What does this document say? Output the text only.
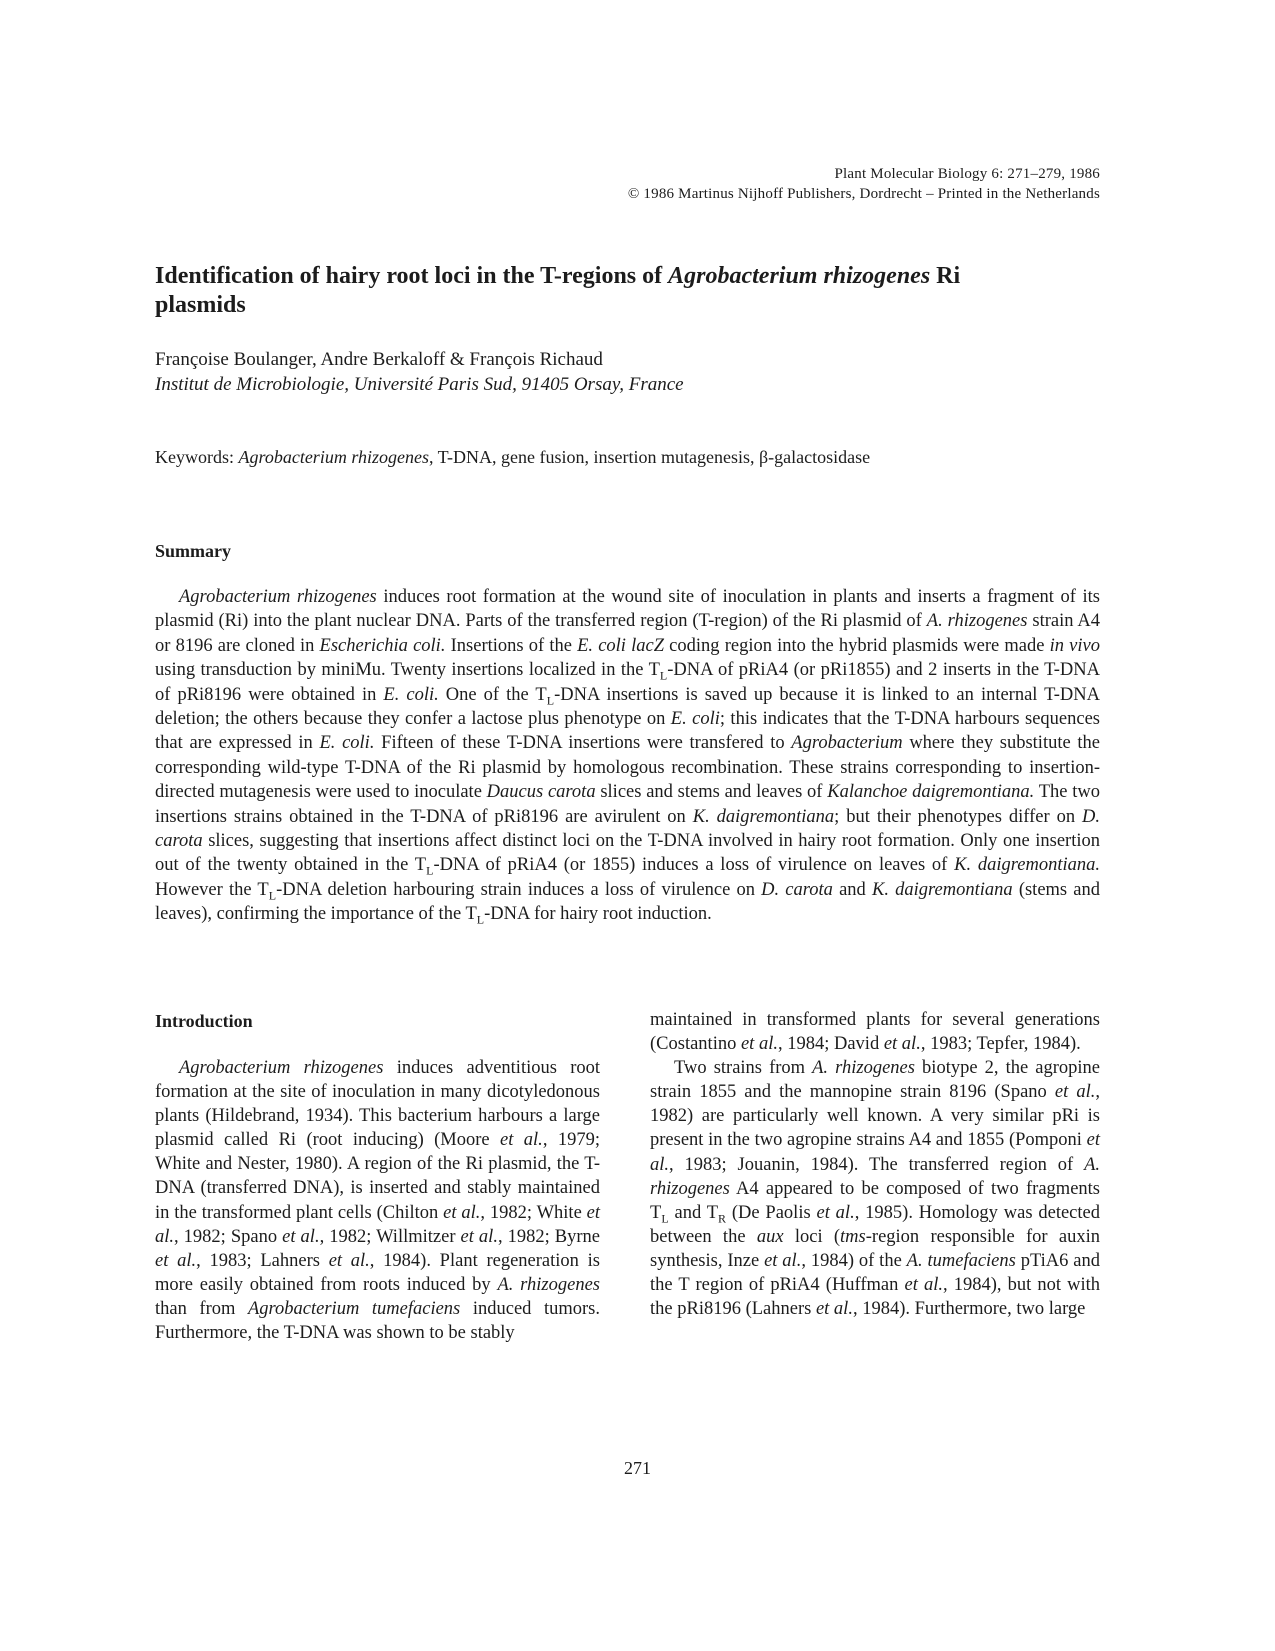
Plant Molecular Biology 6: 271–279, 1986
© 1986 Martinus Nijhoff Publishers, Dordrecht – Printed in the Netherlands
Identification of hairy root loci in the T-regions of Agrobacterium rhizogenes Ri plasmids
Françoise Boulanger, Andre Berkaloff & François Richaud
Institut de Microbiologie, Université Paris Sud, 91405 Orsay, France
Keywords: Agrobacterium rhizogenes, T-DNA, gene fusion, insertion mutagenesis, β-galactosidase
Summary

Agrobacterium rhizogenes induces root formation at the wound site of inoculation in plants and inserts a fragment of its plasmid (Ri) into the plant nuclear DNA. Parts of the transferred region (T-region) of the Ri plasmid of A. rhizogenes strain A4 or 8196 are cloned in Escherichia coli. Insertions of the E. coli lacZ coding region into the hybrid plasmids were made in vivo using transduction by miniMu. Twenty insertions localized in the $T_L$-DNA of pRiA4 (or pRi1855) and 2 inserts in the T-DNA of pRi8196 were obtained in E. coli. One of the $T_L$-DNA insertions is saved up because it is linked to an internal T-DNA deletion; the others because they confer a lactose plus phenotype on E. coli; this indicates that the T-DNA harbours sequences that are expressed in E. coli. Fifteen of these T-DNA insertions were transfered to Agrobacterium where they substitute the corresponding wild-type T-DNA of the Ri plasmid by homologous recombination. These strains corresponding to insertion-directed mutagenesis were used to inoculate Daucus carota slices and stems and leaves of Kalanchoe daigremontiana. The two insertions strains obtained in the T-DNA of pRi8196 are avirulent on K. daigremontiana; but their phenotypes differ on D. carota slices, suggesting that insertions affect distinct loci on the T-DNA involved in hairy root formation. Only one insertion out of the twenty obtained in the $T_L$-DNA of pRiA4 (or 1855) induces a loss of virulence on leaves of K. daigremontiana. However the $T_L$-DNA deletion harbouring strain induces a loss of virulence on D. carota and K. daigremontiana (stems and leaves), confirming the importance of the $T_L$-DNA for hairy root induction.

Introduction

Agrobacterium rhizogenes induces adventitious root formation at the site of inoculation in many dicotyledonous plants (Hildebrand, 1934). This bacterium harbours a large plasmid called Ri (root inducing) (Moore et al., 1979; White and Nester, 1980). A region of the Ri plasmid, the T-DNA (transferred DNA), is inserted and stably maintained in the transformed plant cells (Chilton et al., 1982; White et al., 1982; Spano et al., 1982; Willmitzer et al., 1982; Byrne et al., 1983; Lahners et al., 1984). Plant regeneration is more easily obtained from roots induced by A. rhizogenes than from Agrobacterium tumefaciens induced tumors. Furthermore, the T-DNA was shown to be stably

maintained in transformed plants for several generations (Costantino et al., 1984; David et al., 1983; Tepfer, 1984).

Two strains from A. rhizogenes biotype 2, the agropine strain 1855 and the mannopine strain 8196 (Spano et al., 1982) are particularly well known. A very similar pRi is present in the two agropine strains A4 and 1855 (Pomponi et al., 1983; Jouanin, 1984). The transferred region of A. rhizogenes A4 appeared to be composed of two fragments $T_L$ and $T_R$ (De Paolis et al., 1985). Homology was detected between the aux loci (tms-region responsible for auxin synthesis, Inze et al., 1984) of the A. tumefaciens pTiA6 and the T region of pRiA4 (Huffman et al., 1984), but not with the pRi8196 (Lahners et al., 1984). Furthermore, two large

271
